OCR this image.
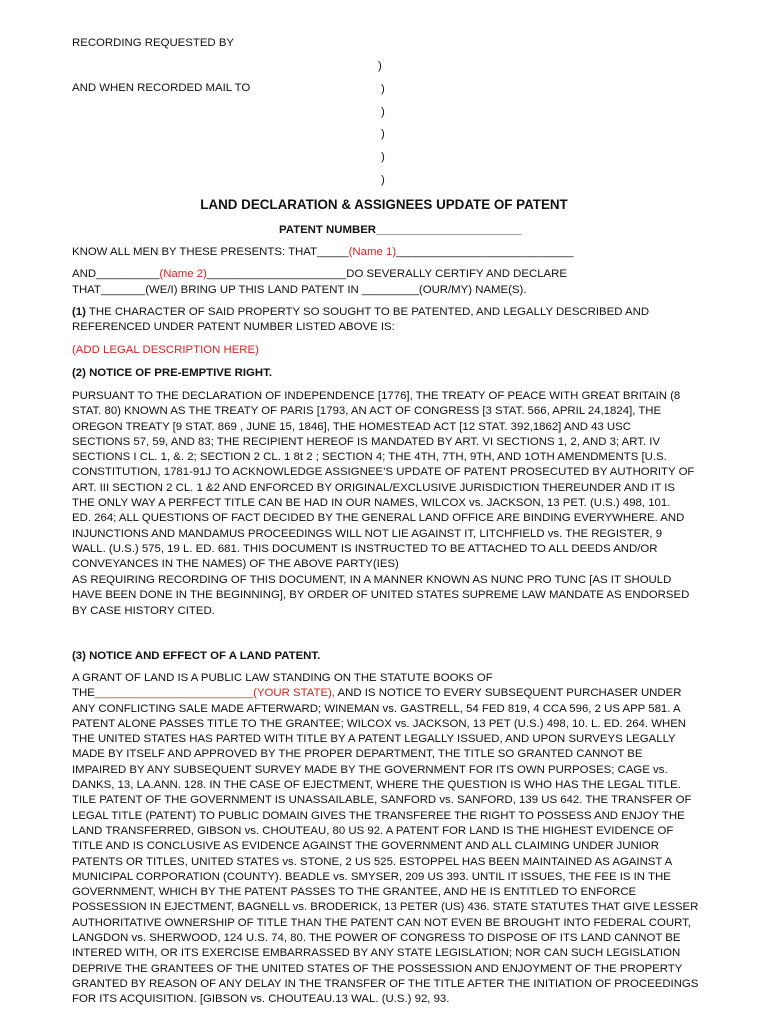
RECORDING REQUESTED BY
AND WHEN RECORDED MAIL TO
)
)
)
)
)
)
LAND DECLARATION & ASSIGNEES UPDATE OF PATENT
PATENT NUMBER_______________________
KNOW ALL MEN BY THESE PRESENTS: THAT_____(Name 1)____________________________
AND__________(Name 2)______________________DO SEVERALLY CERTIFY AND DECLARE
THAT_______(WE/I) BRING UP THIS LAND PATENT IN _________(OUR/MY) NAME(S).
(1) THE CHARACTER OF SAID PROPERTY SO SOUGHT TO BE PATENTED, AND LEGALLY DESCRIBED AND
REFERENCED UNDER PATENT NUMBER LISTED ABOVE IS:
(ADD LEGAL DESCRIPTION HERE)
(2) NOTICE OF PRE-EMPTIVE RIGHT.

PURSUANT TO THE DECLARATION OF INDEPENDENCE [1776], THE TREATY OF PEACE WITH GREAT BRITAIN (8

STAT. 80) KNOWN AS THE TREATY OF PARIS [1793, AN ACT OF CONGRESS [3 STAT. 566, APRIL 24,1824], THE

OREGON TREATY [9 STAT. 869 , JUNE 15, 1846], THE HOMESTEAD ACT [12 STAT. 392,1862] AND 43 USC

SECTIONS 57, 59, AND 83; THE RECIPIENT HEREOF IS MANDATED BY ART. VI SECTIONS 1, 2, AND 3; ART. IV

SECTIONS I CL. 1, &. 2; SECTION 2 CL. 1 8t 2 ; SECTION 4; THE 4TH, 7TH, 9TH, AND 1OTH AMENDMENTS [U.S.

CONSTITUTION, 1781-91J TO ACKNOWLEDGE ASSIGNEE’S UPDATE OF PATENT PROSECUTED BY AUTHORITY OF

ART. III SECTION 2 CL. 1 &2 AND ENFORCED BY ORIGINAL/EXCLUSIVE JURISDICTION THEREUNDER AND IT IS

THE ONLY WAY A PERFECT TITLE CAN BE HAD IN OUR NAMES, WILCOX vs. JACKSON, 13 PET. (U.S.) 498, 101.

ED. 264; ALL QUESTIONS OF FACT DECIDED BY THE GENERAL LAND OFFICE ARE BINDING EVERYWHERE. AND

INJUNCTIONS AND MANDAMUS PROCEEDINGS WILL NOT LIE AGAINST IT, LITCHFIELD vs. THE REGISTER, 9

WALL. (U.S.) 575, 19 L. ED. 681. THIS DOCUMENT IS INSTRUCTED TO BE ATTACHED TO ALL DEEDS AND/OR

CONVEYANCES IN THE NAMES) OF THE ABOVE PARTY(IES)

AS REQUIRING RECORDING OF THIS DOCUMENT, IN A MANNER KNOWN AS NUNC PRO TUNC [AS IT SHOULD

HAVE BEEN DONE IN THE BEGINNING], BY ORDER OF UNITED STATES SUPREME LAW MANDATE AS ENDORSED

BY CASE HISTORY CITED.

(3) NOTICE AND EFFECT OF A LAND PATENT.

A GRANT OF LAND IS A PUBLIC LAW STANDING ON THE STATUTE BOOKS OF

THE_________________________(YOUR STATE), AND IS NOTICE TO EVERY SUBSEQUENT PURCHASER UNDER

ANY CONFLICTING SALE MADE AFTERWARD; WINEMAN vs. GASTRELL, 54 FED 819, 4 CCA 596, 2 US APP 581. A

PATENT ALONE PASSES TITLE TO THE GRANTEE; WILCOX vs. JACKSON, 13 PET (U.S.) 498, 10. L. ED. 264. WHEN

THE UNITED STATES HAS PARTED WITH TITLE BY A PATENT LEGALLY ISSUED, AND UPON SURVEYS LEGALLY

MADE BY ITSELF AND APPROVED BY THE PROPER DEPARTMENT, THE TITLE SO GRANTED CANNOT BE

IMPAIRED BY ANY SUBSEQUENT SURVEY MADE BY THE GOVERNMENT FOR ITS OWN PURPOSES; CAGE vs.

DANKS, 13, LA.ANN. 128. IN THE CASE OF EJECTMENT, WHERE THE QUESTION IS WHO HAS THE LEGAL TITLE.

TILE PATENT OF THE GOVERNMENT IS UNASSAILABLE, SANFORD vs. SANFORD, 139 US 642. THE TRANSFER OF

LEGAL TITLE (PATENT) TO PUBLIC DOMAIN GIVES THE TRANSFEREE THE RIGHT TO POSSESS AND ENJOY THE

LAND TRANSFERRED, GIBSON vs. CHOUTEAU, 80 US 92. A PATENT FOR LAND IS THE HIGHEST EVIDENCE OF

TITLE AND IS CONCLUSIVE AS EVIDENCE AGAINST THE GOVERNMENT AND ALL CLAIMING UNDER JUNIOR

PATENTS OR TITLES, UNITED STATES vs. STONE, 2 US 525. ESTOPPEL HAS BEEN MAINTAINED AS AGAINST A

MUNICIPAL CORPORATION (COUNTY). BEADLE vs. SMYSER, 209 US 393. UNTIL IT ISSUES, THE FEE IS IN THE

GOVERNMENT, WHICH BY THE PATENT PASSES TO THE GRANTEE, AND HE IS ENTITLED TO ENFORCE

POSSESSION IN EJECTMENT, BAGNELL vs. BRODERICK, 13 PETER (US) 436. STATE STATUTES THAT GIVE LESSER

AUTHORITATIVE OWNERSHIP OF TITLE THAN THE PATENT CAN NOT EVEN BE BROUGHT INTO FEDERAL COURT,

LANGDON vs. SHERWOOD, 124 U.S. 74, 80. THE POWER OF CONGRESS TO DISPOSE OF ITS LAND CANNOT BE

INTERED WITH, OR ITS EXERCISE EMBARRASSED BY ANY STATE LEGISLATION; NOR CAN SUCH LEGISLATION

DEPRIVE THE GRANTEES OF THE UNITED STATES OF THE POSSESSION AND ENJOYMENT OF THE PROPERTY

GRANTED BY REASON OF ANY DELAY IN THE TRANSFER OF THE TITLE AFTER THE INITIATION OF PROCEEDINGS

FOR ITS ACQUISITION. [GIBSON vs. CHOUTEAU.13 WAL. (U.S.) 92, 93.
